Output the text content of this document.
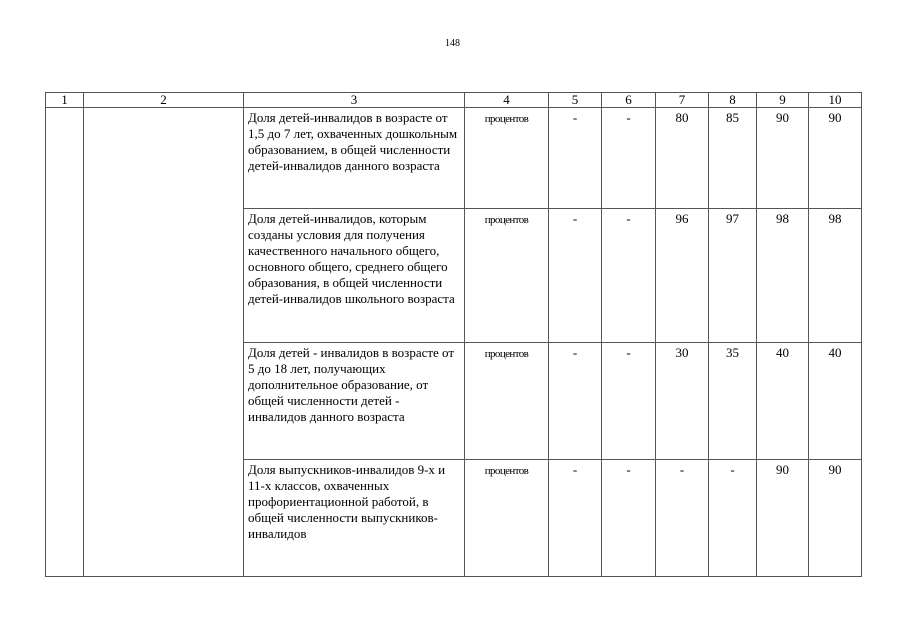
148
1	2	3	4	5	6	7	8	9	10
		Доля детей-инвалидов в возрасте от 1,5 до 7 лет, охваченных дошкольным образованием, в общей численности детей-инвалидов данного возраста	процентов	-	-	80	85	90	90
		Доля детей-инвалидов, которым созданы условия для получения качественного начального общего, основного общего, среднего общего образования, в общей численности детей-инвалидов школьного возраста	процентов	-	-	96	97	98	98
		Доля детей - инвалидов в возрасте от 5 до 18 лет, получающих дополнительное образование, от общей численности детей - инвалидов данного возраста	процентов	-	-	30	35	40	40
		Доля выпускников-инвалидов 9-х и 11-х классов, охваченных профориентационной работой, в общей численности выпускников-инвалидов	процентов	-	-	-	-	90	90
